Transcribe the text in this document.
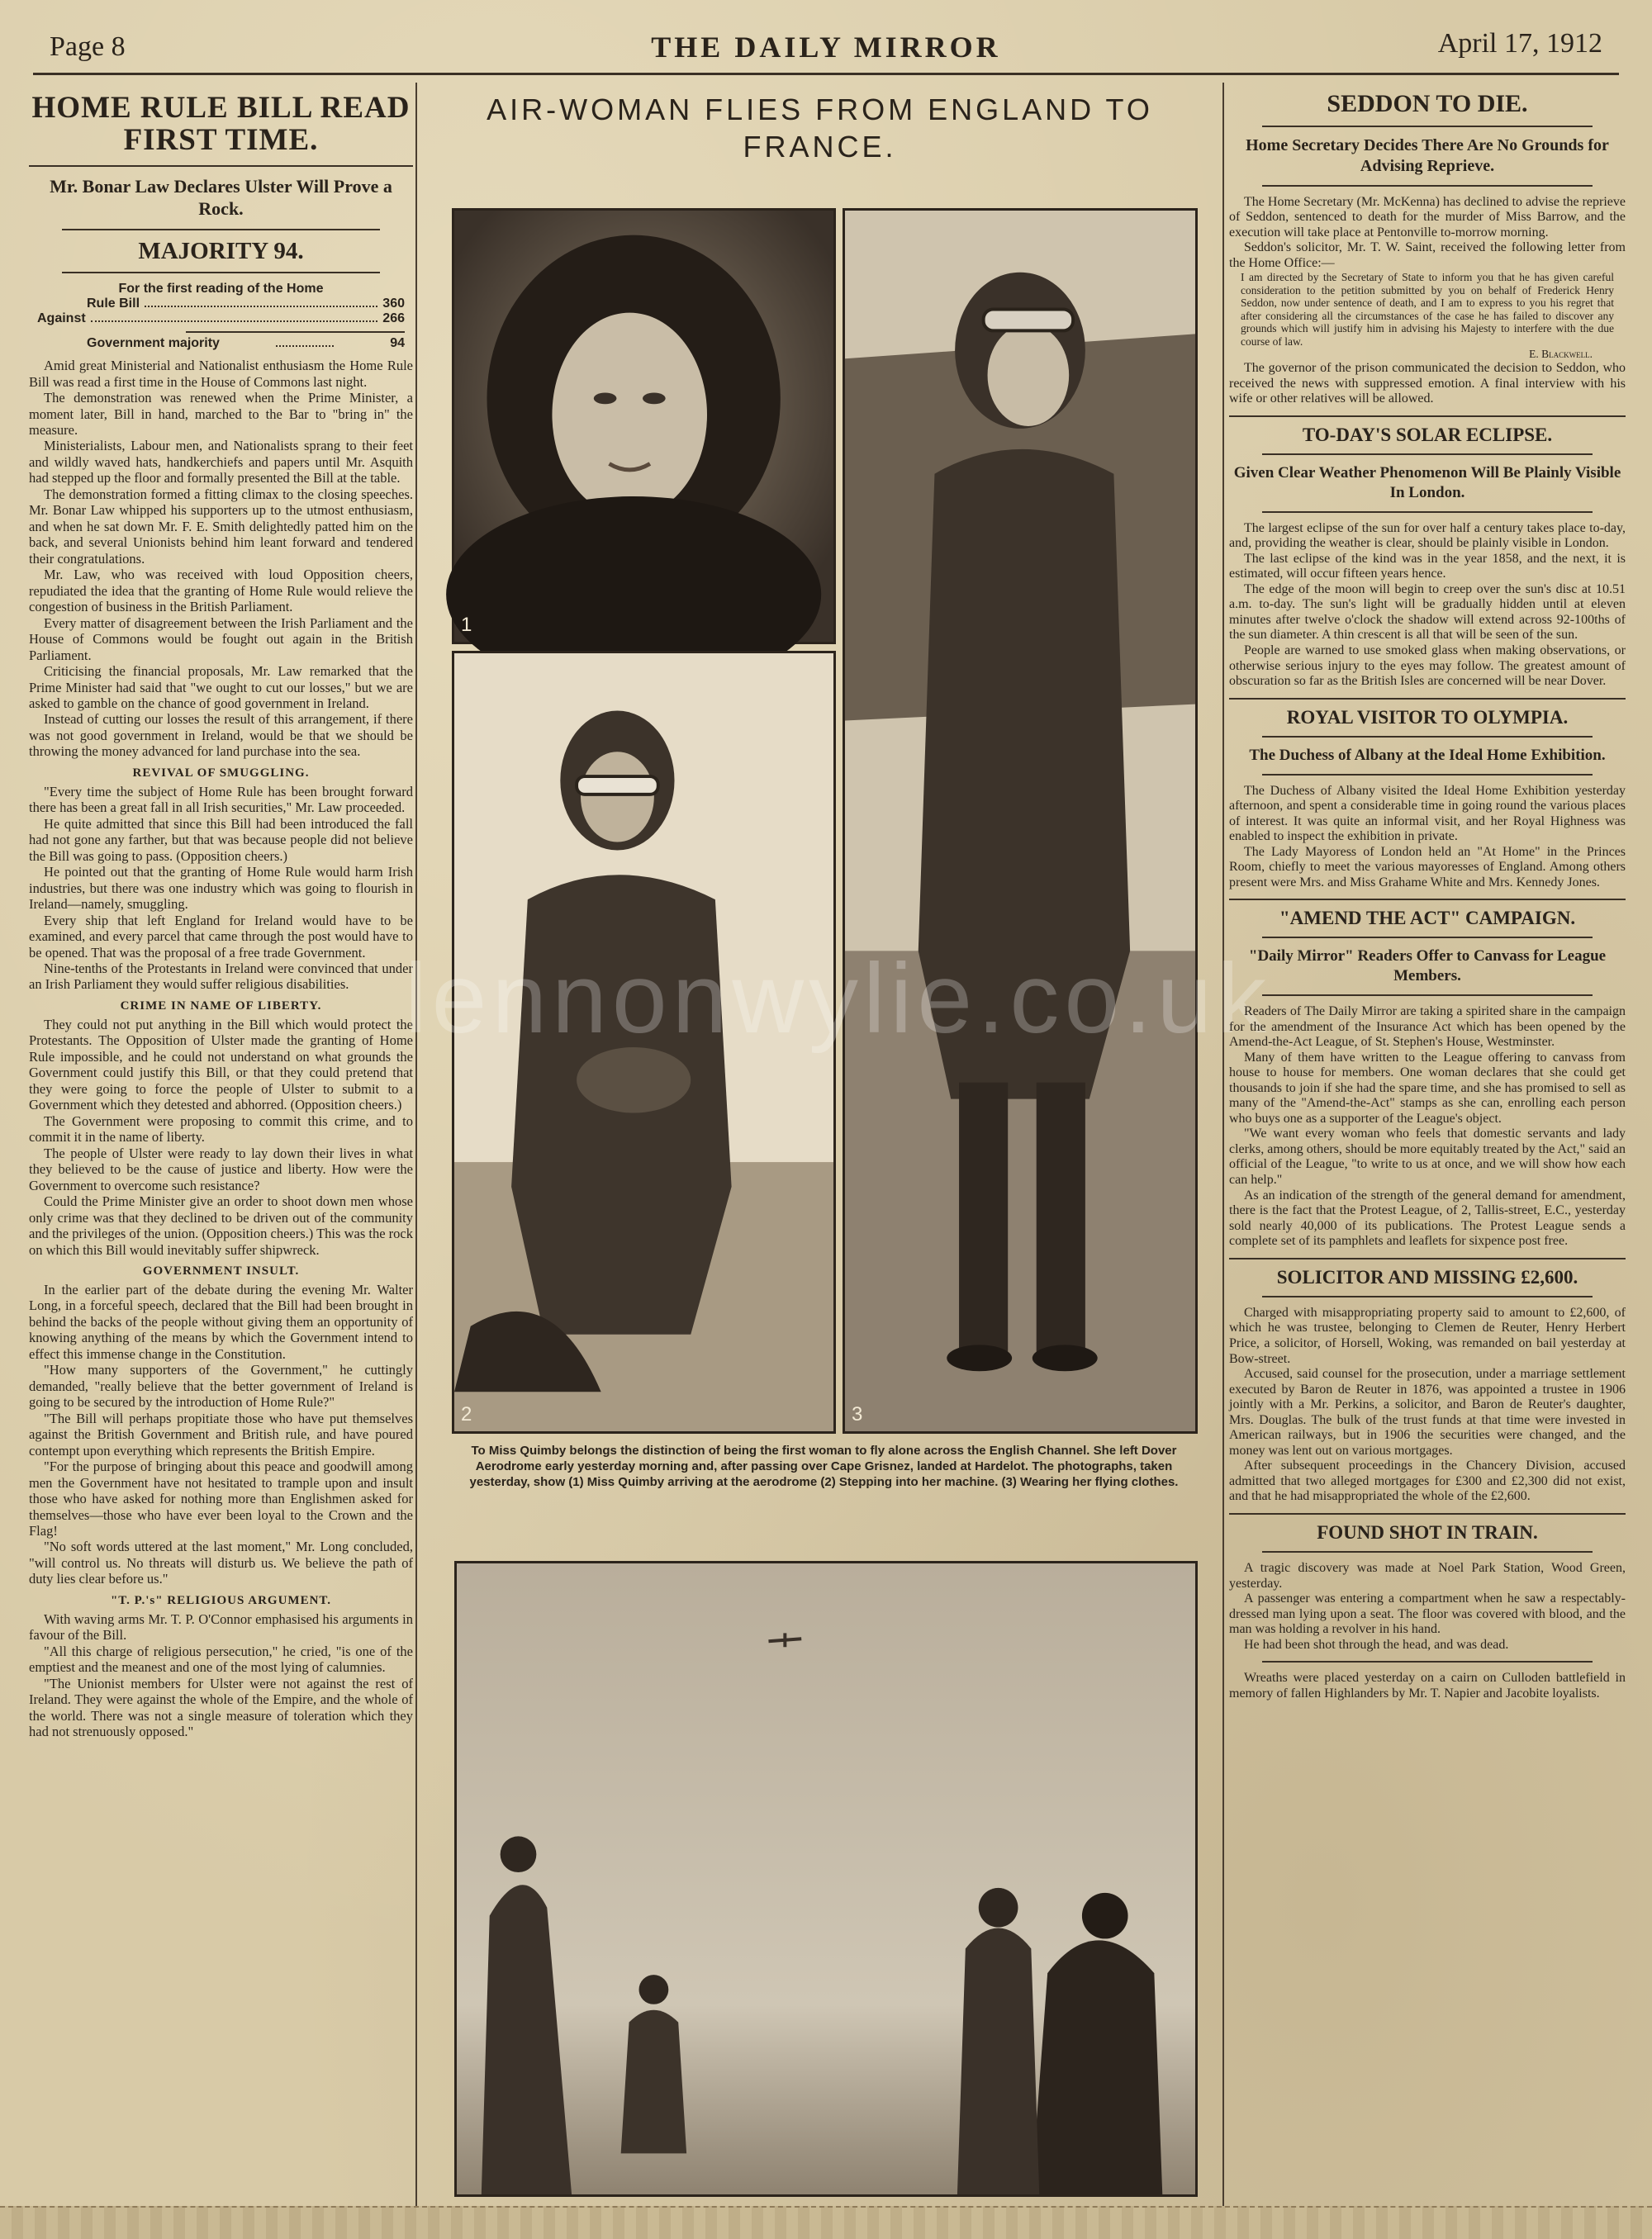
Page 8	THE DAILY MIRROR	April 17, 1912
HOME RULE BILL READ FIRST TIME.
Mr. Bonar Law Declares Ulster Will Prove a Rock.
MAJORITY 94.
For the first reading of the Home
Rule Bill	360
Against	266
Government majority	94

Amid great Ministerial and Nationalist enthusiasm the Home Rule Bill was read a first time in the House of Commons last night.

The demonstration was renewed when the Prime Minister, a moment later, Bill in hand, marched to the Bar to "bring in" the measure.

Ministerialists, Labour men, and Nationalists sprang to their feet and wildly waved hats, handkerchiefs and papers until Mr. Asquith had stepped up the floor and formally presented the Bill at the table.

The demonstration formed a fitting climax to the closing speeches. Mr. Bonar Law whipped his supporters up to the utmost enthusiasm, and when he sat down Mr. F. E. Smith delightedly patted him on the back, and several Unionists behind him leant forward and tendered their congratulations.

Mr. Law, who was received with loud Opposition cheers, repudiated the idea that the granting of Home Rule would relieve the congestion of business in the British Parliament.

Every matter of disagreement between the Irish Parliament and the House of Commons would be fought out again in the British Parliament.

Criticising the financial proposals, Mr. Law remarked that the Prime Minister had said that "we ought to cut our losses," but we are asked to gamble on the chance of good government in Ireland.

Instead of cutting our losses the result of this arrangement, if there was not good government in Ireland, would be that we should be throwing the money advanced for land purchase into the sea.

REVIVAL OF SMUGGLING.

"Every time the subject of Home Rule has been brought forward there has been a great fall in all Irish securities," Mr. Law proceeded.

He quite admitted that since this Bill had been introduced the fall had not gone any farther, but that was because people did not believe the Bill was going to pass. (Opposition cheers.)

He pointed out that the granting of Home Rule would harm Irish industries, but there was one industry which was going to flourish in Ireland—namely, smuggling.

Every ship that left England for Ireland would have to be examined, and every parcel that came through the post would have to be opened. That was the proposal of a free trade Government.

Nine-tenths of the Protestants in Ireland were convinced that under an Irish Parliament they would suffer religious disabilities.

CRIME IN NAME OF LIBERTY.

They could not put anything in the Bill which would protect the Protestants. The Opposition of Ulster made the granting of Home Rule impossible, and he could not understand on what grounds the Government could justify this Bill, or that they could pretend that they were going to force the people of Ulster to submit to a Government which they detested and abhorred. (Opposition cheers.)

The Government were proposing to commit this crime, and to commit it in the name of liberty.

The people of Ulster were ready to lay down their lives in what they believed to be the cause of justice and liberty. How were the Government to overcome such resistance?

Could the Prime Minister give an order to shoot down men whose only crime was that they declined to be driven out of the community and the privileges of the union. (Opposition cheers.) This was the rock on which this Bill would inevitably suffer shipwreck.

GOVERNMENT INSULT.

In the earlier part of the debate during the evening Mr. Walter Long, in a forceful speech, declared that the Bill had been brought in behind the backs of the people without giving them an opportunity of knowing anything of the means by which the Government intend to effect this immense change in the Constitution.

"How many supporters of the Government," he cuttingly demanded, "really believe that the better government of Ireland is going to be secured by the introduction of Home Rule?"

"The Bill will perhaps propitiate those who have put themselves against the British Government and British rule, and have poured contempt upon everything which represents the British Empire.

"For the purpose of bringing about this peace and goodwill among men the Government have not hesitated to trample upon and insult those who have asked for nothing more than Englishmen asked for themselves—those who have ever been loyal to the Crown and the Flag!

"No soft words uttered at the last moment," Mr. Long concluded, "will control us. No threats will disturb us. We believe the path of duty lies clear before us."

"T. P.'s" RELIGIOUS ARGUMENT.

With waving arms Mr. T. P. O'Connor emphasised his arguments in favour of the Bill.

"All this charge of religious persecution," he cried, "is one of the emptiest and the meanest and one of the most lying of calumnies.

"The Unionist members for Ulster were not against the rest of Ireland. They were against the whole of the Empire, and the whole of the world. There was not a single measure of toleration which they had not strenuously opposed."

AIR-WOMAN FLIES FROM ENGLAND TO FRANCE.
1
2	3
To Miss Quimby belongs the distinction of being the first woman to fly alone across the English Channel. She left Dover Aerodrome early yesterday morning and, after passing over Cape Grisnez, landed at Hardelot. The photographs, taken yesterday, show (1) Miss Quimby arriving at the aerodrome (2) Stepping into her machine. (3) Wearing her flying clothes.
lennonwylie.co.uk
SEDDON TO DIE.
Home Secretary Decides There Are No Grounds for Advising Reprieve.

The Home Secretary (Mr. McKenna) has declined to advise the reprieve of Seddon, sentenced to death for the murder of Miss Barrow, and the execution will take place at Pentonville to-morrow morning.

Seddon's solicitor, Mr. T. W. Saint, received the following letter from the Home Office:—

I am directed by the Secretary of State to inform you that he has given careful consideration to the petition submitted by you on behalf of Frederick Henry Seddon, now under sentence of death, and I am to express to you his regret that after considering all the circumstances of the case he has failed to discover any grounds which will justify him in advising his Majesty to interfere with the due course of law.

E. Blackwell.

The governor of the prison communicated the decision to Seddon, who received the news with suppressed emotion. A final interview with his wife or other relatives will be allowed.

TO-DAY'S SOLAR ECLIPSE.
Given Clear Weather Phenomenon Will Be Plainly Visible In London.

The largest eclipse of the sun for over half a century takes place to-day, and, providing the weather is clear, should be plainly visible in London.

The last eclipse of the kind was in the year 1858, and the next, it is estimated, will occur fifteen years hence.

The edge of the moon will begin to creep over the sun's disc at 10.51 a.m. to-day. The sun's light will be gradually hidden until at eleven minutes after twelve o'clock the shadow will extend across 92-100ths of the sun diameter. A thin crescent is all that will be seen of the sun.

People are warned to use smoked glass when making observations, or otherwise serious injury to the eyes may follow. The greatest amount of obscuration so far as the British Isles are concerned will be near Dover.

ROYAL VISITOR TO OLYMPIA.
The Duchess of Albany at the Ideal Home Exhibition.

The Duchess of Albany visited the Ideal Home Exhibition yesterday afternoon, and spent a considerable time in going round the various places of interest. It was quite an informal visit, and her Royal Highness was enabled to inspect the exhibition in private.

The Lady Mayoress of London held an "At Home" in the Princes Room, chiefly to meet the various mayoresses of England. Among others present were Mrs. and Miss Grahame White and Mrs. Kennedy Jones.

"AMEND THE ACT" CAMPAIGN.
"Daily Mirror" Readers Offer to Canvass for League Members.

Readers of The Daily Mirror are taking a spirited share in the campaign for the amendment of the Insurance Act which has been opened by the Amend-the-Act League, of St. Stephen's House, Westminster.

Many of them have written to the League offering to canvass from house to house for members. One woman declares that she could get thousands to join if she had the spare time, and she has promised to sell as many of the "Amend-the-Act" stamps as she can, enrolling each person who buys one as a supporter of the League's object.

"We want every woman who feels that domestic servants and lady clerks, among others, should be more equitably treated by the Act," said an official of the League, "to write to us at once, and we will show how each can help."

As an indication of the strength of the general demand for amendment, there is the fact that the Protest League, of 2, Tallis-street, E.C., yesterday sold nearly 40,000 of its publications. The Protest League sends a complete set of its pamphlets and leaflets for sixpence post free.

SOLICITOR AND MISSING £2,600.

Charged with misappropriating property said to amount to £2,600, of which he was trustee, belonging to Clemen de Reuter, Henry Herbert Price, a solicitor, of Horsell, Woking, was remanded on bail yesterday at Bow-street.

Accused, said counsel for the prosecution, under a marriage settlement executed by Baron de Reuter in 1876, was appointed a trustee in 1906 jointly with a Mr. Perkins, a solicitor, and Baron de Reuter's daughter, Mrs. Douglas. The bulk of the trust funds at that time were invested in American railways, but in 1906 the securities were changed, and the money was lent out on various mortgages.

After subsequent proceedings in the Chancery Division, accused admitted that two alleged mortgages for £300 and £2,300 did not exist, and that he had misappropriated the whole of the £2,600.

FOUND SHOT IN TRAIN.

A tragic discovery was made at Noel Park Station, Wood Green, yesterday.

A passenger was entering a compartment when he saw a respectably-dressed man lying upon a seat. The floor was covered with blood, and the man was holding a revolver in his hand.

He had been shot through the head, and was dead.

Wreaths were placed yesterday on a cairn on Culloden battlefield in memory of fallen Highlanders by Mr. T. Napier and Jacobite loyalists.
